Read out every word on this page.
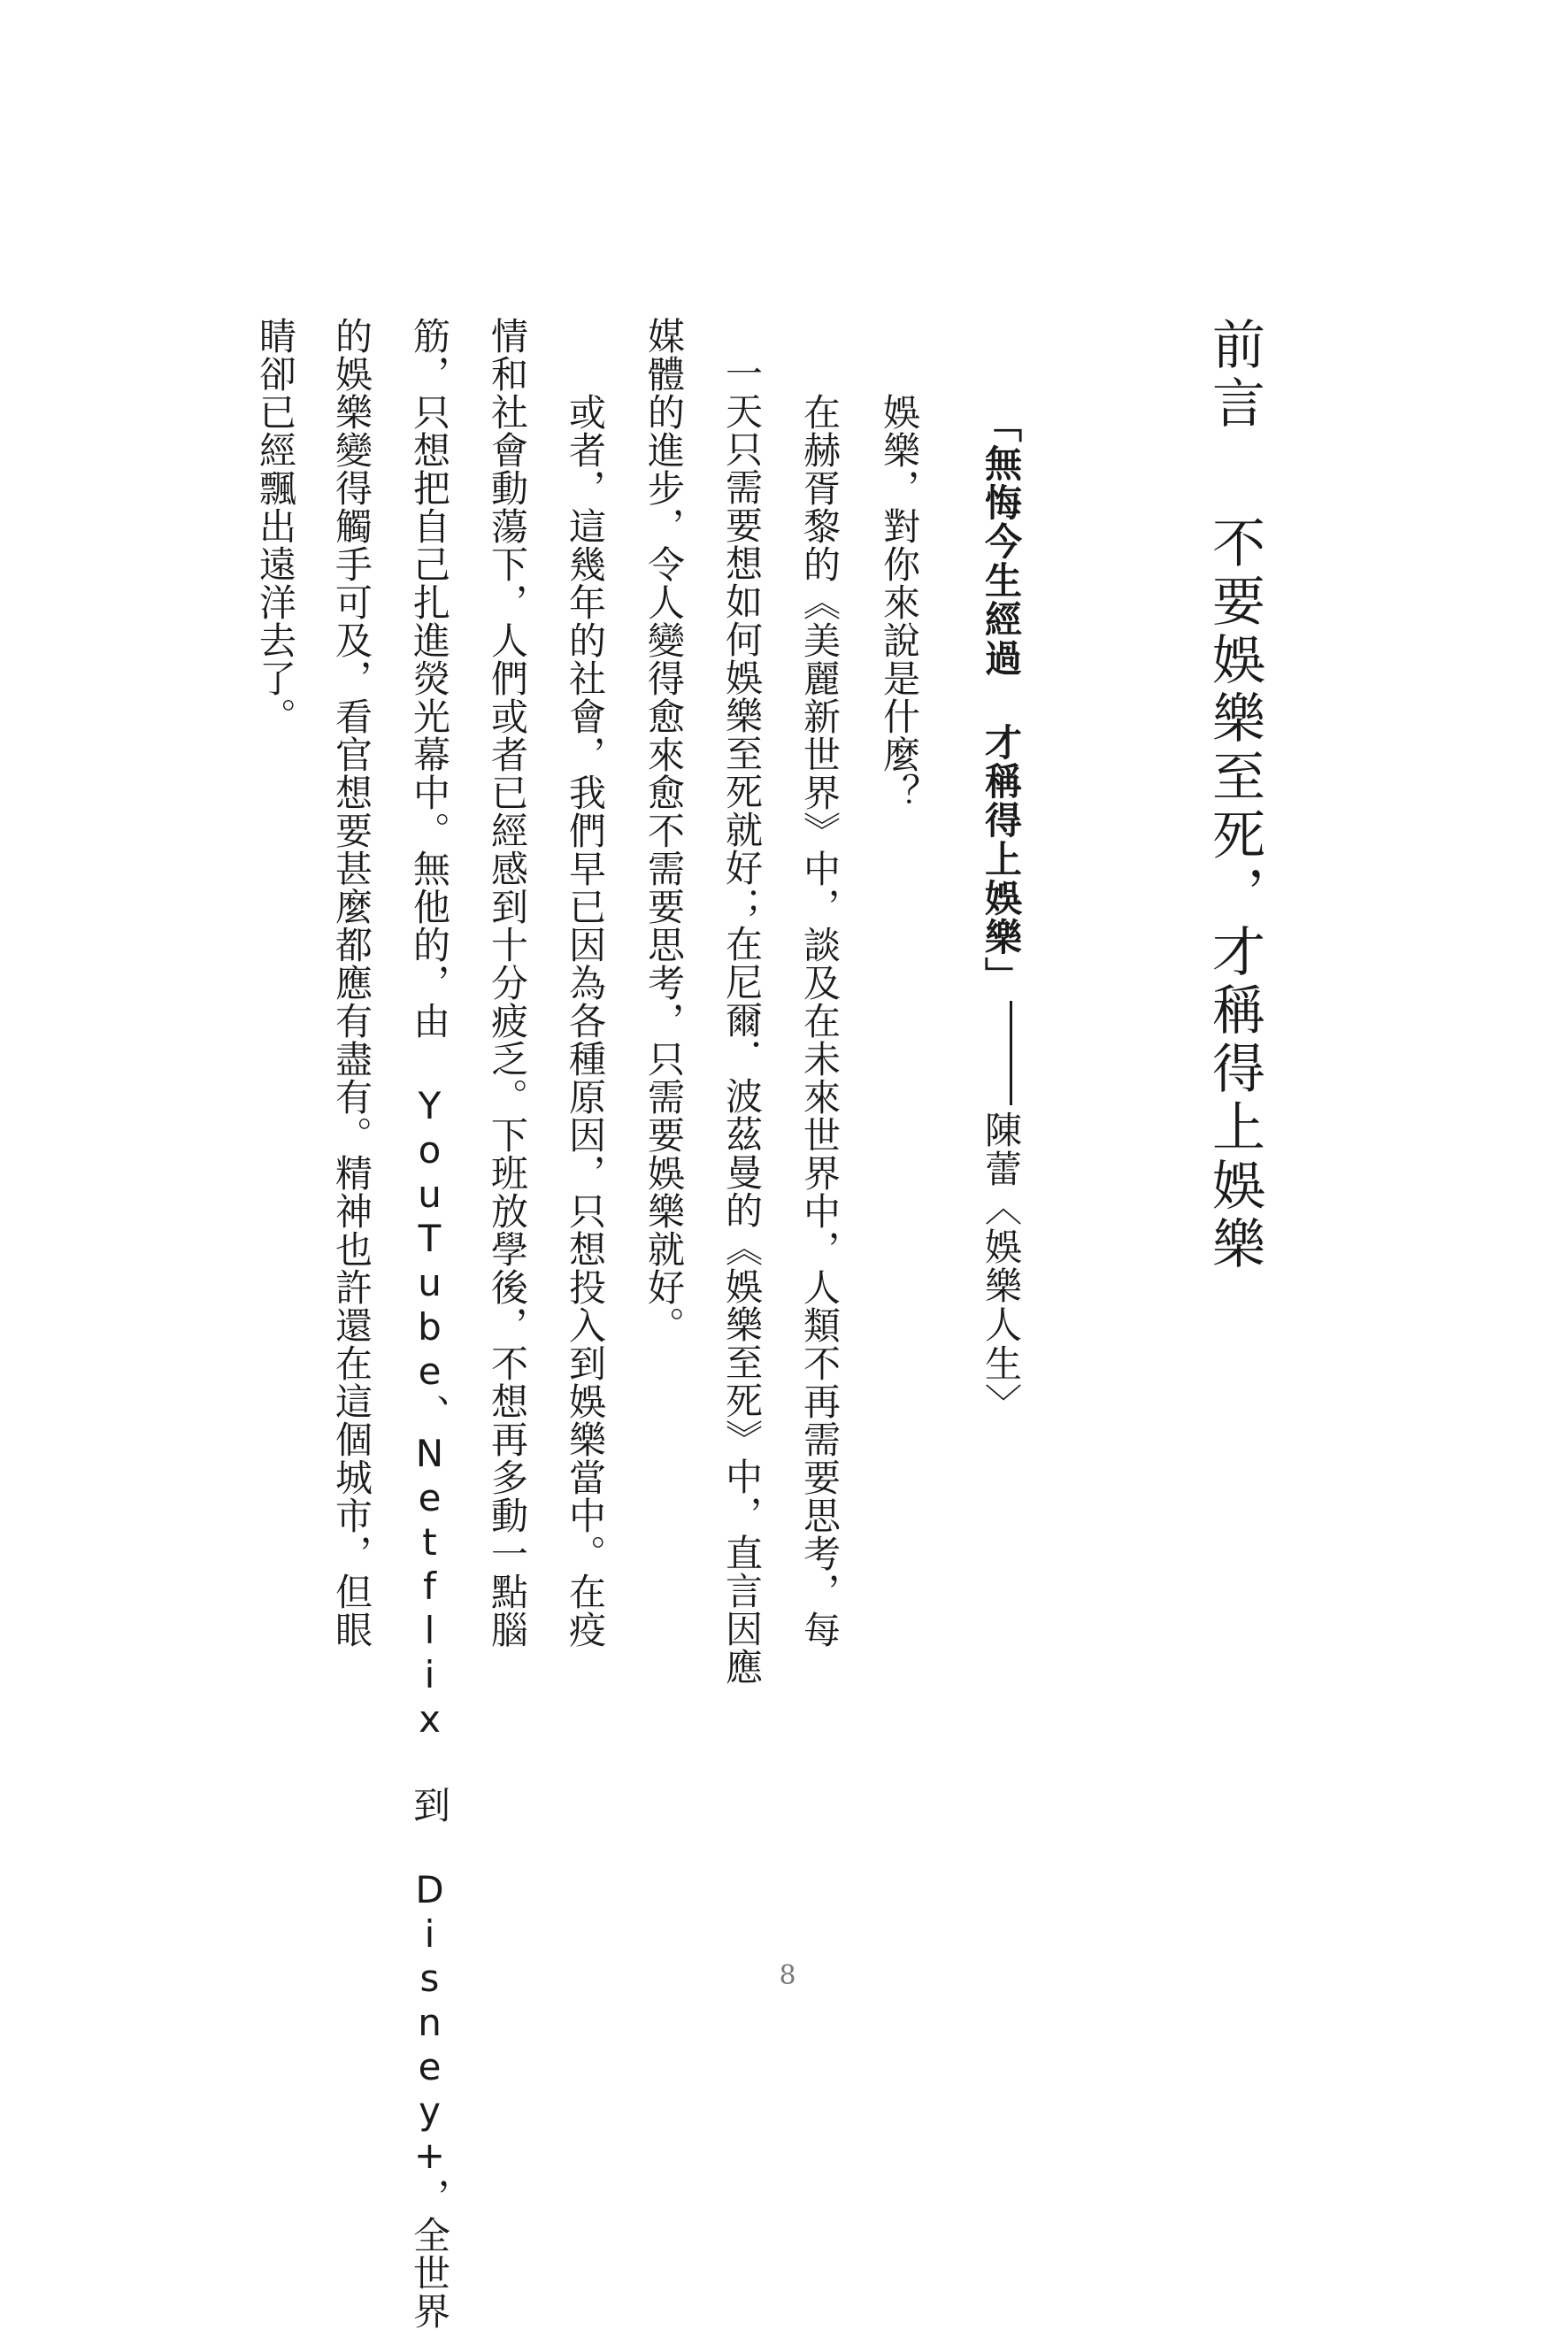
前言不要娛樂至死，才稱得上娛樂
「無悔今生經過 才稱得上娛樂」陳蕾〈娛樂人生〉
娛樂，對你來說是什麼？
在赫胥黎的《美麗新世界》中，談及在未來世界中，人類不再需要思考，每
一天只需要想如何娛樂至死就好；在尼爾．波茲曼的《娛樂至死》中，直言因應
媒體的進步，令人變得愈來愈不需要思考，只需要娛樂就好。
或者，這幾年的社會，我們早已因為各種原因，只想投入到娛樂當中。在疫
情和社會動蕩下，人們或者已經感到十分疲乏。下班放學後，不想再多動一點腦
筋，只想把自己扎進熒光幕中。無他的，由 YouTube、Netflix 到 Disney+，全世界
的娛樂變得觸手可及，看官想要甚麼都應有盡有。精神也許還在這個城市，但眼
睛卻已經飄出遠洋去了。
8
